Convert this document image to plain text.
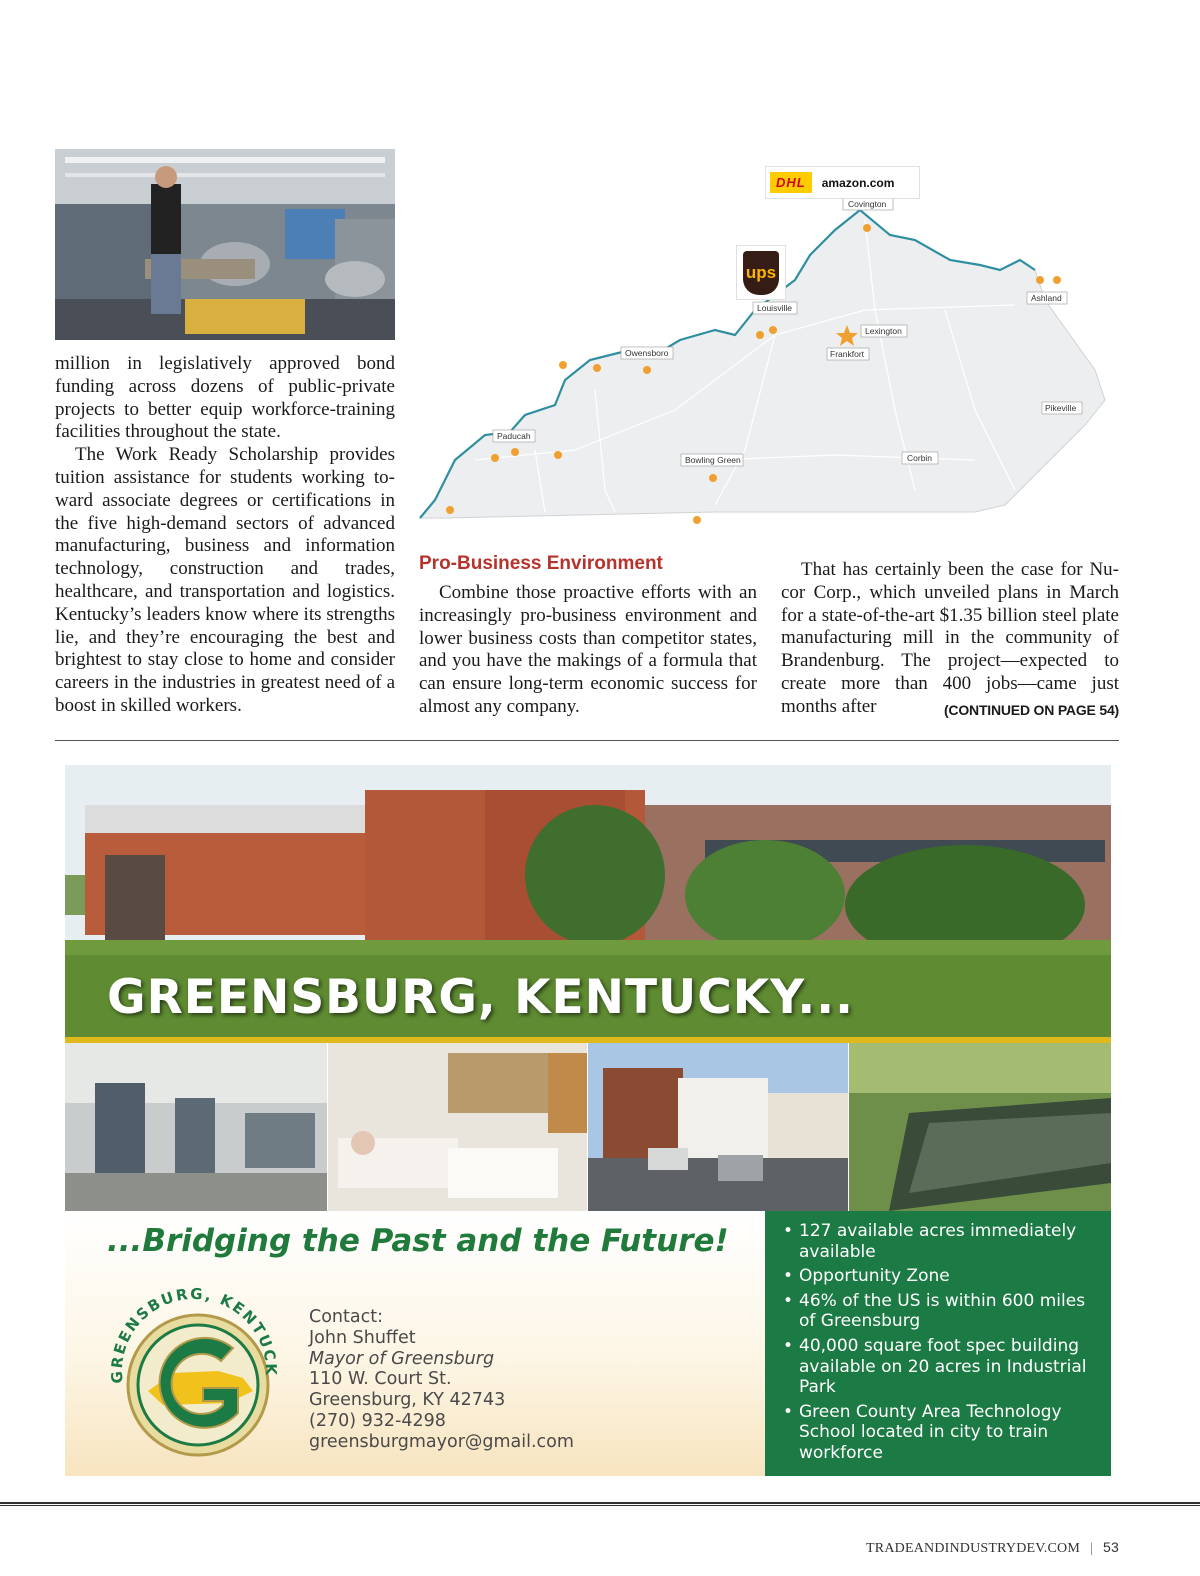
million in legislatively approved bond funding across dozens of public-private projects to better equip workforce-training facilities throughout the state.

The Work Ready Scholarship provides tuition assistance for students working toward associate degrees or certifications in the five high-demand sectors of advanced manufacturing, business and information technology, construction and trades, healthcare, and transportation and logistics. Kentucky’s leaders know where its strengths lie, and they’re encouraging the best and brightest to stay close to home and consider careers in the industries in greatest need of a boost in skilled workers.

Covington
Louisville
Owensboro	Frankfort
Lexington
Ashland
Pikeville
Paducah
Bowling Green	Corbin
DHL	amazon.com
ups
Pro-Business Environment

Combine those proactive efforts with an increasingly pro-business environment and lower business costs than competitor states, and you have the makings of a formula that can ensure long-term economic success for almost any company.

That has certainly been the case for Nucor Corp., which unveiled plans in March for a state-of-the-art $1.35 billion steel plate manufacturing mill in the community of Brandenburg. The project—expected to create more than 400 jobs—came just months after	(CONTINUED ON PAGE 54)

GREENSBURG, KENTUCKY...
...Bridging the Past and the Future!
GREENSBURG, KENTUCK
Contact:
John Shuffet
Mayor of Greensburg
110 W. Court St.
Greensburg, KY 42743
(270) 932-4298
greensburgmayor@gmail.com
• 127 available acres immediately available
• Opportunity Zone
• 46% of the US is within 600 miles of Greensburg
• 40,000 square foot spec building available on 20 acres in Industrial Park
• Green County Area Technology School located in city to train workforce
TRADEANDINDUSTRYDEV.COM | 53
